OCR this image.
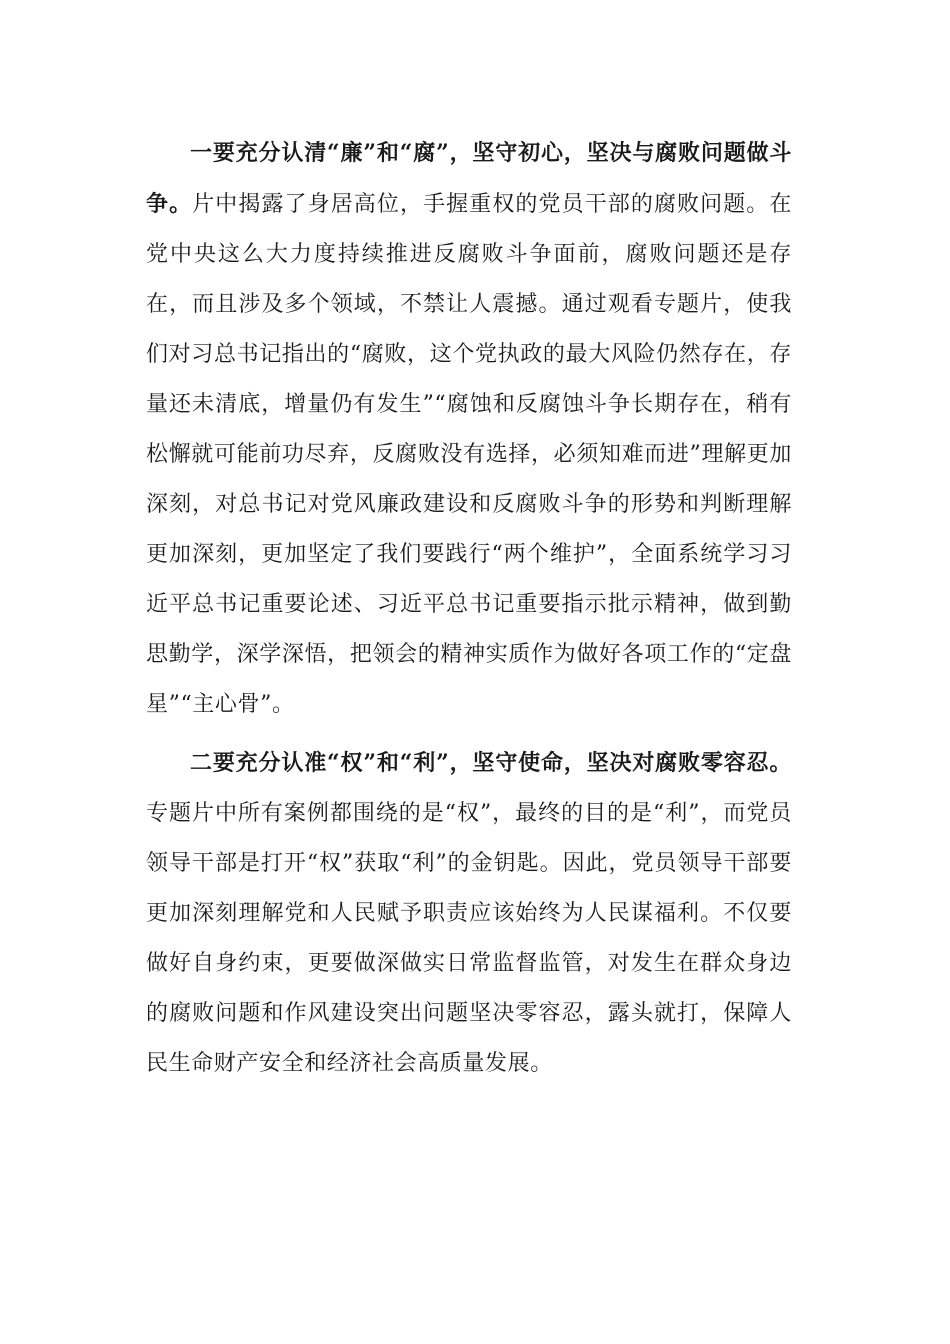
一要充分认清“廉”和“腐”，坚守初心，坚决与腐败问题做斗争。片中揭露了身居高位，手握重权的党员干部的腐败问题。在党中央这么大力度持续推进反腐败斗争面前，腐败问题还是存在，而且涉及多个领域，不禁让人震撼。通过观看专题片，使我们对习总书记指出的“腐败，这个党执政的最大风险仍然存在，存量还未清底，增量仍有发生”“腐蚀和反腐蚀斗争长期存在，稍有松懈就可能前功尽弃，反腐败没有选择，必须知难而进”理解更加深刻，对总书记对党风廉政建设和反腐败斗争的形势和判断理解更加深刻，更加坚定了我们要践行“两个维护”，全面系统学习习近平总书记重要论述、习近平总书记重要指示批示精神，做到勤思勤学，深学深悟，把领会的精神实质作为做好各项工作的“定盘星”“主心骨”。

二要充分认准“权”和“利”，坚守使命，坚决对腐败零容忍。专题片中所有案例都围绕的是“权”，最终的目的是“利”，而党员领导干部是打开“权”获取“利”的金钥匙。因此，党员领导干部要更加深刻理解党和人民赋予职责应该始终为人民谋福利。不仅要做好自身约束，更要做深做实日常监督监管，对发生在群众身边的腐败问题和作风建设突出问题坚决零容忍，露头就打，保障人民生命财产安全和经济社会高质量发展。
